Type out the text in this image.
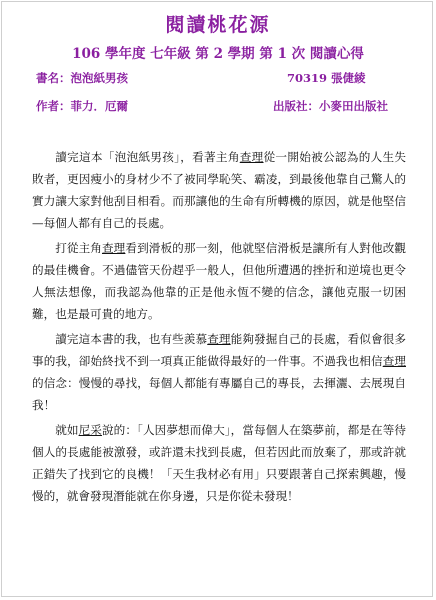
閱讀桃花源
106 學年度 七年級 第 2 學期 第 1 次 閱讀心得
書名：泡泡紙男孩	70319 張倢綾
作者：菲力．厄爾	出版社：小麥田出版社

讀完這本「泡泡紙男孩」，看著主角查理從一開始被公認為的人生失敗者，更因瘦小的身材少不了被同學恥笑、霸凌，到最後他靠自己驚人的實力讓大家對他刮目相看。而那讓他的生命有所轉機的原因，就是他堅信—每個人都有自己的長處。

打從主角查理看到滑板的那一刻，他就堅信滑板是讓所有人對他改觀的最佳機會。不過儘管天份趕乎一般人，但他所遭遇的挫折和逆境也更令人無法想像，而我認為他靠的正是他永恆不變的信念，讓他克服一切困難，也是最可貴的地方。

讀完這本書的我，也有些羨慕查理能夠發掘自己的長處，看似會很多事的我，卻始終找不到一項真正能做得最好的一件事。不過我也相信查理的信念：慢慢的尋找，每個人都能有專屬自己的專長，去揮灑、去展現自我！

就如尼采說的：「人因夢想而偉大」，當每個人在築夢前，都是在等待個人的長處能被激發，或許還未找到長處，但若因此而放棄了，那或許就正錯失了找到它的良機！「天生我材必有用」只要跟著自己探索興趣，慢慢的，就會發現潛能就在你身邊，只是你從未發現！
